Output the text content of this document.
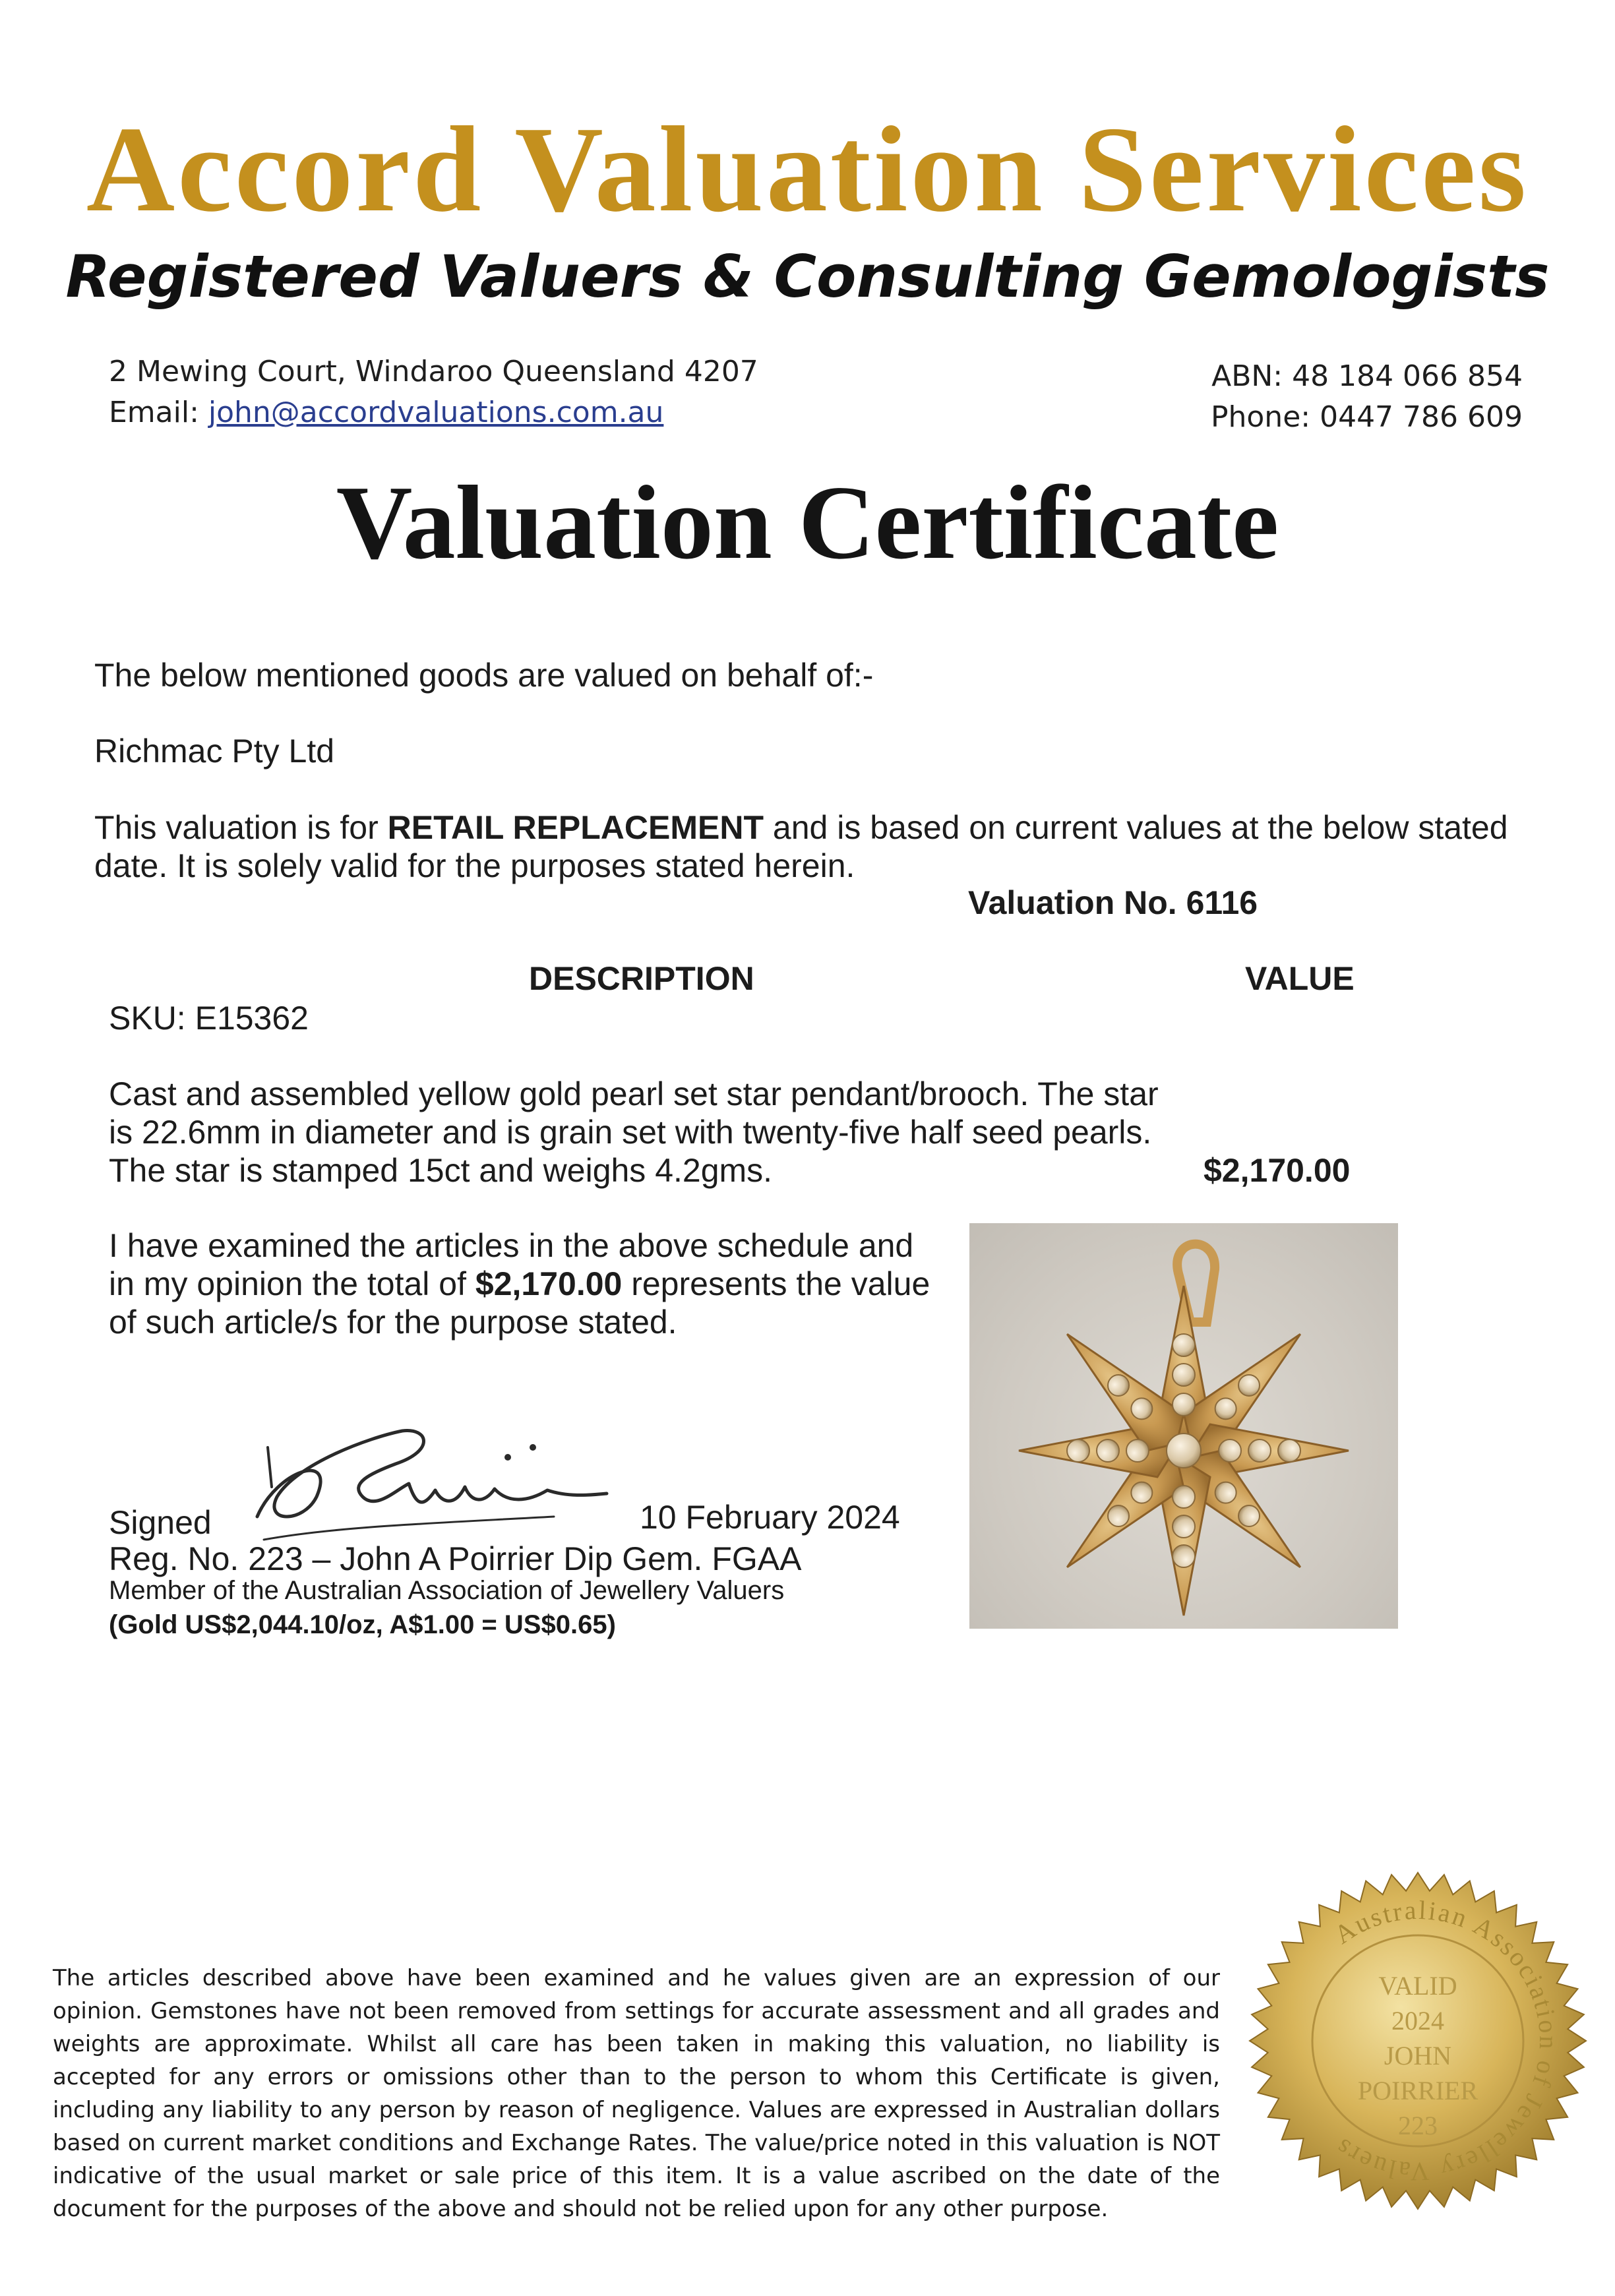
Accord Valuation Services
Registered Valuers & Consulting Gemologists
2 Mewing Court, Windaroo Queensland 4207
Email: john@accordvaluations.com.au
ABN: 48 184 066 854
Phone: 0447 786 609
Valuation Certificate
The below mentioned goods are valued on behalf of:-
Richmac Pty Ltd
This valuation is for RETAIL REPLACEMENT and is based on current values at the below stated
date. It is solely valid for the purposes stated herein.
Valuation No. 6116
DESCRIPTION	VALUE
SKU: E15362
Cast and assembled yellow gold pearl set star pendant/brooch. The star
is 22.6mm in diameter and is grain set with twenty-five half seed pearls.
The star is stamped 15ct and weighs 4.2gms.	$2,170.00
I have examined the articles in the above schedule and
in my opinion the total of $2,170.00 represents the value
of such article/s for the purpose stated.
Signed	10 February 2024
Reg. No. 223 – John A Poirrier Dip Gem. FGAA
Member of the Australian Association of Jewellery Valuers
(Gold US$2,044.10/oz, A$1.00 = US$0.65)
The articles described above have been examined and he values given are an expression of our opinion. Gemstones have not been removed from settings for accurate assessment and all grades and weights are approximate. Whilst all care has been taken in making this valuation, no liability is accepted for any errors or omissions other than to the person to whom this Certificate is given, including any liability to any person by reason of negligence. Values are expressed in Australian dollars based on current market conditions and Exchange Rates. The value/price noted in this valuation is NOT indicative of the usual market or sale price of this item. It is a value ascribed on the date of the document for the purposes of the above and should not be relied upon for any other purpose.
Australian Association of Jewellery Valuers
VALID
2024
JOHN
POIRRIER
223
